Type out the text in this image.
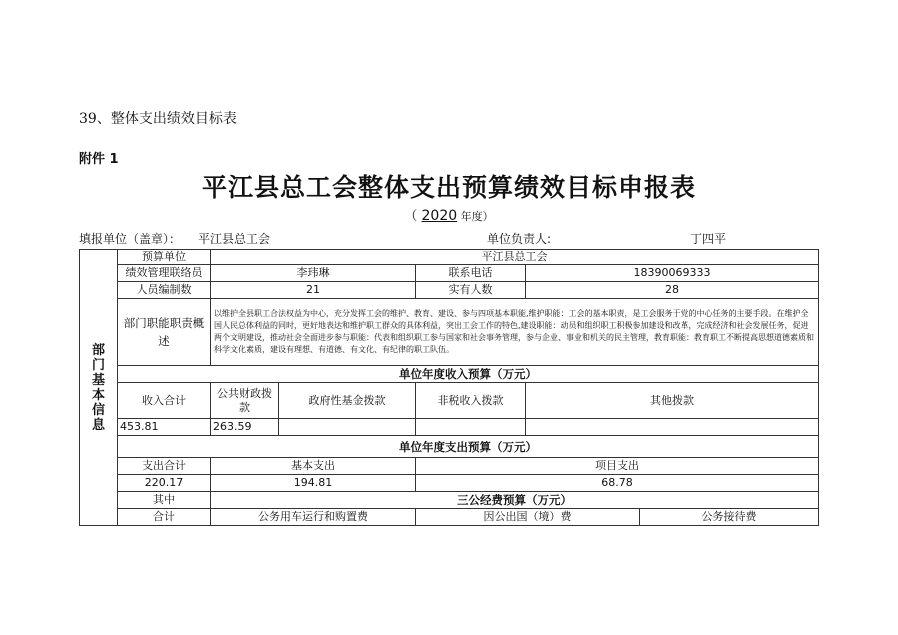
39、整体支出绩效目标表
附件 1
平江县总工会整体支出预算绩效目标申报表
（ 2020 年度）
填报单位（盖章）： 平江县总工会	单位负责人:	丁四平
部门基本信息	预算单位	平江县总工会				
	绩效管理联络员	李玮琳		联系电话	18390069333	
	人员编制数	21		实有人数	28	
	部门职能职责概述	以维护全县职工合法权益为中心，充分发挥工会的维护、教育、建设、参与四项基本职能,维护职能：工会的基本职责，是工会服务于党的中心任务的主要手段。在维护全国人民总体利益的同时，更好地表达和维护职工群众的具体利益，突出工会工作的特色,建设职能：动员和组织职工积极参加建设和改革，完成经济和社会发展任务，促进两个文明建设，推动社会全面进步参与职能：代表和组织职工参与国家和社会事务管理，参与企业、事业和机关的民主管理，教育职能：教育职工不断提高思想道德素质和科学文化素质，建设有理想、有道德、有文化、有纪律的职工队伍。				
	单位年度收入预算（万元）					
	收入合计	公共财政拨款	政府性基金拨款	非税收入拨款	其他拨款	
	453.81	263.59				
	单位年度支出预算（万元）					
	支出合计	基本支出		项目支出		
	220.17	194.81		68.78		
	其中	三公经费预算（万元）				
	合计	公务用车运行和购置费		因公出国（境）费		公务接待费
